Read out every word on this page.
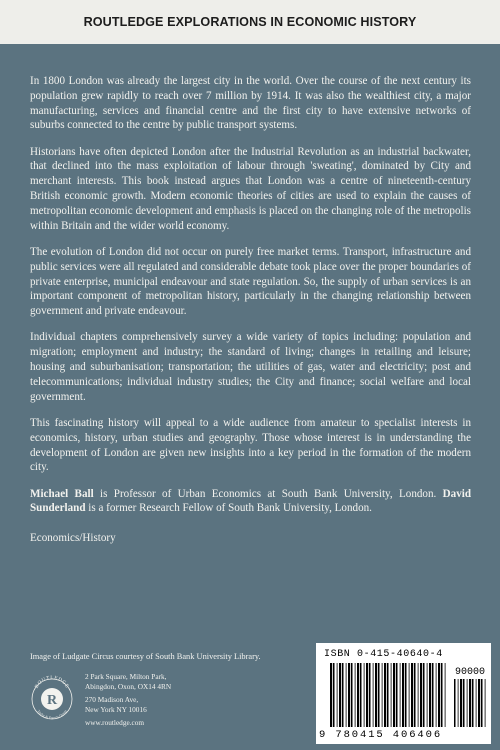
ROUTLEDGE EXPLORATIONS IN ECONOMIC HISTORY

In 1800 London was already the largest city in the world. Over the course of the next century its population grew rapidly to reach over 7 million by 1914. It was also the wealthiest city, a major manufacturing, services and financial centre and the first city to have extensive networks of suburbs connected to the centre by public transport systems.

Historians have often depicted London after the Industrial Revolution as an industrial backwater, that declined into the mass exploitation of labour through 'sweating', dominated by City and merchant interests. This book instead argues that London was a centre of nineteenth-century British economic growth. Modern economic theories of cities are used to explain the causes of metropolitan economic development and emphasis is placed on the changing role of the metropolis within Britain and the wider world economy.

The evolution of London did not occur on purely free market terms. Transport, infrastructure and public services were all regulated and considerable debate took place over the proper boundaries of private enterprise, municipal endeavour and state regulation. So, the supply of urban services is an important component of metropolitan history, particularly in the changing relationship between government and private endeavour.

Individual chapters comprehensively survey a wide variety of topics including: population and migration; employment and industry; the standard of living; changes in retailing and leisure; housing and suburbanisation; transportation; the utilities of gas, water and electricity; post and telecommunications; individual industry studies; the City and finance; social welfare and local government.

This fascinating history will appeal to a wide audience from amateur to specialist interests in economics, history, urban studies and geography. Those whose interest is in understanding the development of London are given new insights into a key period in the formation of the modern city.

Michael Ball is Professor of Urban Economics at South Bank University, London. David Sunderland is a former Research Fellow of South Bank University, London.

Economics/History
Image of Ludgate Circus courtesy of South Bank University Library.
R
ROUTLEDGE
Taylor & Francis Group
2 Park Square, Milton Park,
Abingdon, Oxon, OX14 4RN
270 Madison Ave,
New York NY 10016
www.routledge.com
ISBN 0-415-40640-4
90000
9 780415 406406
